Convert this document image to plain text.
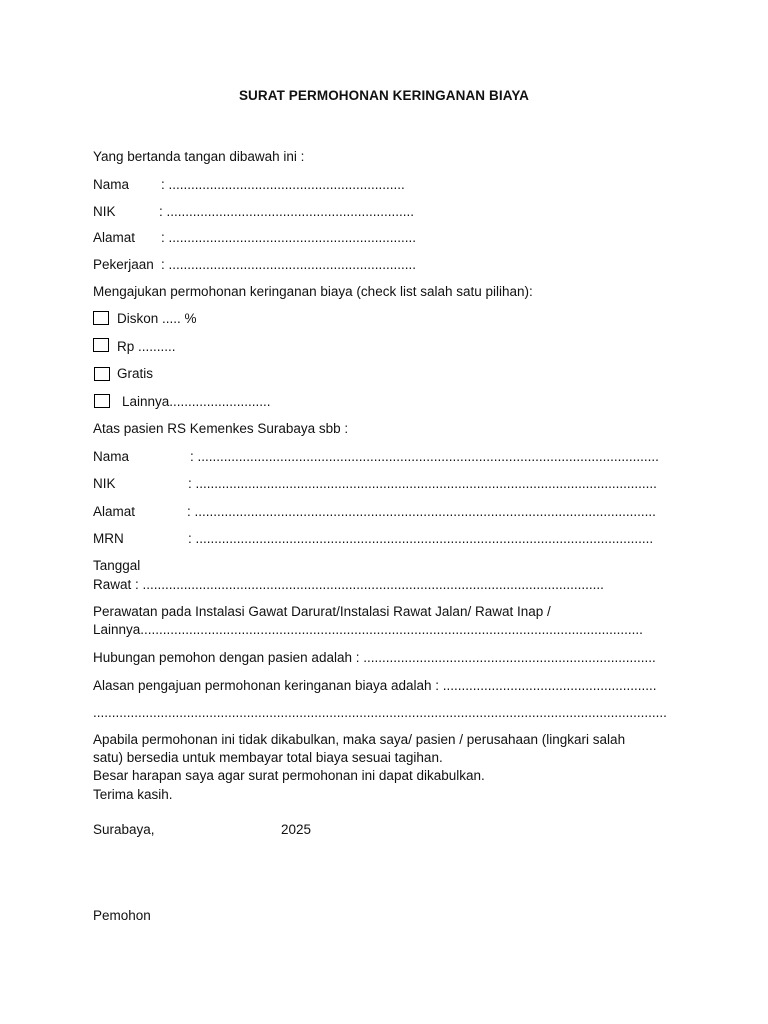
SURAT PERMOHONAN KERINGANAN BIAYA
Yang bertanda tangan dibawah ini :
Nama : ...............................................................
NIK	: ..................................................................
Alamat : ..................................................................
Pekerjaan : ..................................................................
Mengajukan permohonan keringanan biaya (check list salah satu pilihan):
Diskon ..... %
Rp ..........
Gratis
Lainnya...........................
Atas pasien RS Kemenkes Surabaya sbb :
Nama	: ...........................................................................................................................
NIK	: ...........................................................................................................................
Alamat	: ...........................................................................................................................
MRN	: ..........................................................................................................................
Tanggal
Rawat : ...........................................................................................................................
Perawatan pada Instalasi Gawat Darurat/Instalasi Rawat Jalan/ Rawat Inap /
Lainnya......................................................................................................................................
Hubungan pemohon dengan pasien adalah : ..............................................................................
Alasan pengajuan permohonan keringanan biaya adalah : .........................................................
.........................................................................................................................................................
Apabila permohonan ini tidak dikabulkan, maka saya/ pasien / perusahaan (lingkari salah
satu) bersedia untuk membayar total biaya sesuai tagihan.
Besar harapan saya agar surat permohonan ini dapat dikabulkan.
Terima kasih.
Surabaya,	2025
Pemohon
